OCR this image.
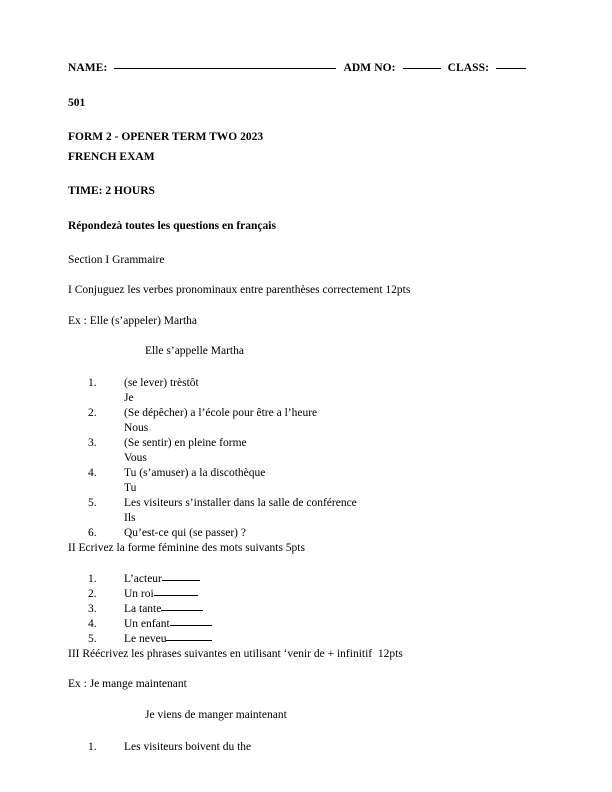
NAME:	ADM NO:	CLASS:
501
FORM 2 - OPENER TERM TWO 2023
FRENCH EXAM
TIME: 2 HOURS
Répondezà toutes les questions en français
Section I Grammaire
I Conjuguez les verbes pronominaux entre parenthèses correctement 12pts
Ex : Elle (s’appeler) Martha
Elle s’appelle Martha
1.	(se lever) trèstôt
Je
2.	(Se dépêcher) a l’école pour être a l’heure
Nous
3.	(Se sentir) en pleine forme
Vous
4.	Tu (s’amuser) a la discothèque
Tu
5.	Les visiteurs s’installer dans la salle de conférence
Ils
6.	Qu’est-ce qui (se passer) ?
II Ecrivez la forme féminine des mots suivants 5pts
1.	L’acteur
2.	Un roi
3.	La tante
4.	Un enfant
5.	Le neveu
III Réécrivez les phrases suivantes en utilisant ‘venir de + infinitif  12pts
Ex : Je mange maintenant
Je viens de manger maintenant
1.	Les visiteurs boivent du the
